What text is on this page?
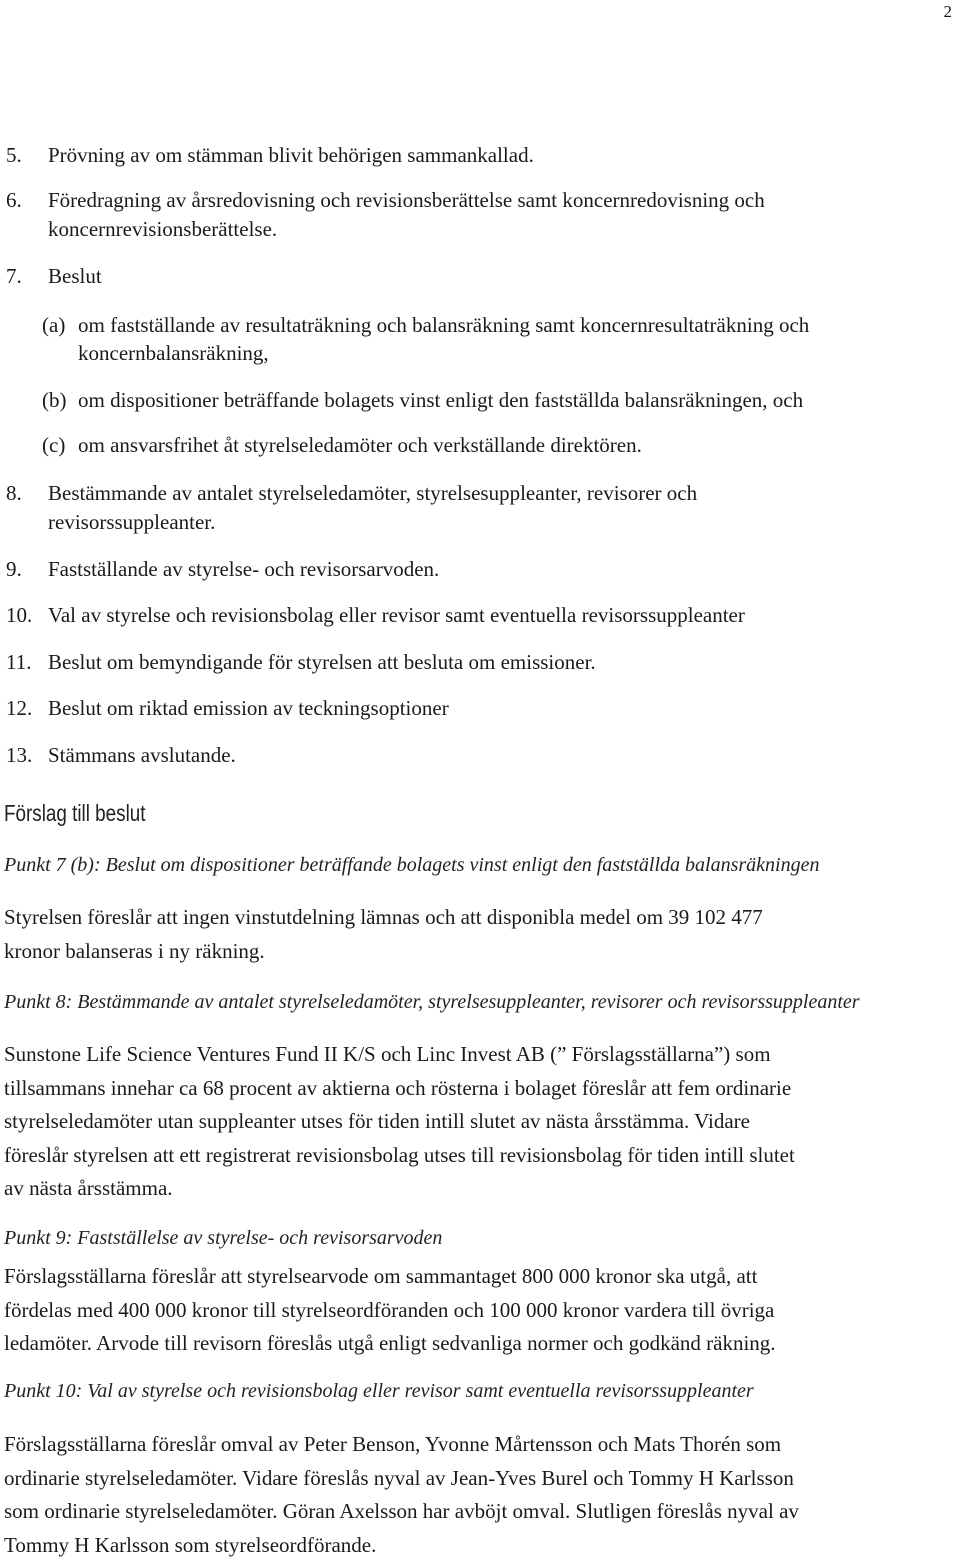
2
5.	Prövning av om stämman blivit behörigen sammankallad.
6.	Föredragning av årsredovisning och revisionsberättelse samt koncernredovisning och
koncernrevisionsberättelse.
7.	Beslut
(a) om fastställande av resultaträkning och balansräkning samt koncernresultaträkning och
koncernbalansräkning,
(b) om dispositioner beträffande bolagets vinst enligt den fastställda balansräkningen, och
(c) om ansvarsfrihet åt styrelseledamöter och verkställande direktören.
8.	Bestämmande av antalet styrelseledamöter, styrelsesuppleanter, revisorer och
revisorssuppleanter.
9.	Fastställande av styrelse- och revisorsarvoden.
10. Val av styrelse och revisionsbolag eller revisor samt eventuella revisorssuppleanter
11. Beslut om bemyndigande för styrelsen att besluta om emissioner.
12. Beslut om riktad emission av teckningsoptioner
13. Stämmans avslutande.
Förslag till beslut
Punkt 7 (b): Beslut om dispositioner beträffande bolagets vinst enligt den fastställda balansräkningen
Styrelsen föreslår att ingen vinstutdelning lämnas och att disponibla medel om 39 102 477
kronor balanseras i ny räkning.
Punkt 8: Bestämmande av antalet styrelseledamöter, styrelsesuppleanter, revisorer och revisorssuppleanter
Sunstone Life Science Ventures Fund II K/S och Linc Invest AB (” Förslagsställarna”) som
tillsammans innehar ca 68 procent av aktierna och rösterna i bolaget föreslår att fem ordinarie
styrelseledamöter utan suppleanter utses för tiden intill slutet av nästa årsstämma. Vidare
föreslår styrelsen att ett registrerat revisionsbolag utses till revisionsbolag för tiden intill slutet
av nästa årsstämma.
Punkt 9: Fastställelse av styrelse- och revisorsarvoden
Förslagsställarna föreslår att styrelsearvode om sammantaget 800 000 kronor ska utgå, att
fördelas med 400 000 kronor till styrelseordföranden och 100 000 kronor vardera till övriga
ledamöter. Arvode till revisorn föreslås utgå enligt sedvanliga normer och godkänd räkning.
Punkt 10: Val av styrelse och revisionsbolag eller revisor samt eventuella revisorssuppleanter
Förslagsställarna föreslår omval av Peter Benson, Yvonne Mårtensson och Mats Thorén som
ordinarie styrelseledamöter. Vidare föreslås nyval av Jean-Yves Burel och Tommy H Karlsson
som ordinarie styrelseledamöter. Göran Axelsson har avböjt omval. Slutligen föreslås nyval av
Tommy H Karlsson som styrelseordförande.
